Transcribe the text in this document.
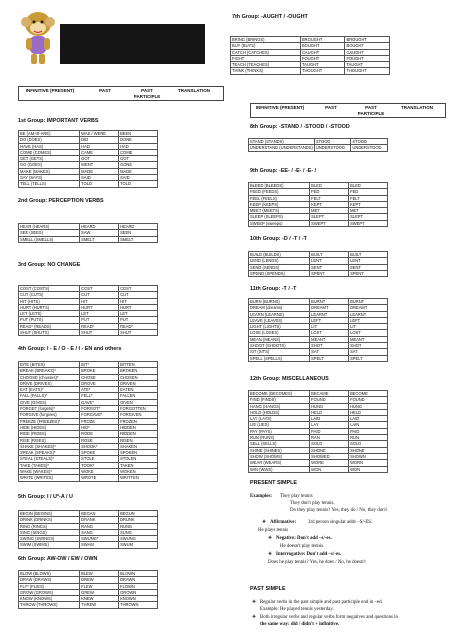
INFINITIVE (PRESENT)	PAST	PAST PARTICIPLE
TRANSLATION
1st Group: IMPORTANT VERBS
BE (AM-IS-ARE)	WAS / WERE	BEEN
DO (DOES)	DID	DONE
HAVE (HAS)	HAD	HAD
COME (COMES)	CAME	COME
GET (GETS)	GOT	GOT
GO (GOES)	WENT	GONE
MAKE (MAKES)	MADE	MADE
SAY (SAYS)	SAID	SAID
TELL (TELLS)	TOLD	TOLD
2nd Group: PERCEPTION VERBS
HEAR (HEARS)	HEARD	HEARD
SEE (SEES)	SAW	SEEN
SMELL (SMELLS)	SMELT	SMELT
3rd Group: NO CHANGE
COST (COSTS)	COST	COST
CUT (CUTS)	CUT	CUT
HIT (HITS)	HIT	HIT
HURT (HURTS)	HURT	HURT
LET (LETS)	LET	LET
PUT (PUTS)	PUT	PUT
READ* (READS)	READ*	READ*
SHUT (SHUTS)	SHUT	SHUT
4th Group: I - E / O - E / I - EN and others
BITE (BITES)	BIT*	BITTEN
BREAK (BREAKS)*	BROKE	BROKEN
CHOOSE (chooses)*	CHOSE	CHOSEN
DRIVE (DRIVES)	DROVE	DRIVEN
EAT (EATS)*	ATE*	EATEN
FALL (FALLS)*	FELL*	FALLEN
GIVE (GIVES)	GAVE*	GIVEN
FORGET (forgets)*	FORGOT*	FORGOTTEN
FORGIVE (forgives)	FORGAVE*	FORGIVEN
FREEZE (FREEZES)*	FROZE	FROZEN
HIDE (HIDES)	HID*	HIDDEN
RIDE (RIDES)	RODE	RIDDEN
RISE (RISES)	ROSE	RISEN
SHAKE (SHAKES)*	SHOOK*	SHAKEN
SPEAK (SPEAKS)*	SPOKE	SPOKEN
STEAL (STEALS)*	STOLE	STOLEN
TAKE (TAKES)*	TOOK*	TAKEN
WAKE (WAKES)*	WOKE	WOKEN
WRITE (WRITES)	WROTE	WRITTEN
5th Group: I / U*-A / U
BEGIN (BEGINS)	BEGAN	BEGUN
DRINK (DRINKS)	DRANK	DRUNK
RING (RINGS)	RANG	RUNG
SING (SINGS)	SANG	SUNG
SWING (SWINGS)	SWUNG*	SWUNG
SWIM (SWIMS)	SWAM	SWUM
6th Group: AW-OW / EW / OWN
BLOW (BLOWS)	BLEW	BLOWN
DRAW (DRAWS)	DREW	DRAWN
FLY* (FLIES)	FLEW	FLOWN
GROW (GROWS)	GREW	GROWN
KNOW (KNOWS)	KNEW	KNOWN
THROW (THROWS)	THREW	THROWN
7th Group: -AUGHT / -OUGHT
BRING (BRINGS)	BROUGHT	BROUGHT
BUY (BUYS)	BOUGHT	BOUGHT
CATCH (CATCHES)	CAUGHT	CAUGHT
FIGHT	FOUGHT	FOUGHT
TEACH (TEACHES)	TAUGHT	TAUGHT
THINK (THINKS)	THOUGHT	THOUGHT
INFINITIVE (PRESENT)	PAST	PAST PARTICIPLE
TRANSLATION
8th Group: -STAND / -STOOD / -STOOD
STAND (STANDS)	STOOD	STOOD
UNDERSTAND (UNDERSTANDS)	UNDERSTOOD	UNDERSTOOD
9th Group: -EE- / -E- / -E- /
BLEED (BLEEDS)	BLED	BLED
FEED (FEEDS)	FED	FED
FEEL (FEELS)	FELT	FELT
KEEP (KEEPS)	KEPT	KEPT
MEET (MEETS)	MET	MET
SLEEP (SLEEPS)	SLEPT	SLEPT
SWEEP (sweeps)	SWEPT	SWEPT
10th Group: -D / -T / -T
BUILD (BUILDS)	BUILT	BUILT
LEND (LENDS)	LENT	LENT
SEND (SENDS)	SENT	SENT
SPEND (SPENDS)	SPENT	SPENT
11th Group: -T / -T
BURN (BURNS)	BURNT	BURNT
DREAM (dreams)	DREAMT	DREAMT
LEARN (LEARNS)	LEARNT	LEARNT
LEAVE (LEAVES)	LEFT	LEFT
LIGHT (LIGHTS)	LIT	LIT
LOSE (LOSES)	LOST	LOST
MEAN (MEANS)	MEANT	MEANT
SHOOT (SHOOTS)	SHOT	SHOT
SIT (SITS)	SAT	SAT
SPELL (SPELLS)	SPELT	SPELT
12th Group: MISCELLANEOUS
BECOME (BECOMES)	BECAME	BECOME
FIND (FINDS)	FOUND	FOUND
HANG (HANGS)	HUNG	HUNG
HOLD (HOLDS)	HELD	HELD
LAY (LAYS)	LAID	LAID
LIE (LIES)	LAY	LAIN
PAY (PAYS)	PAID	PAID
RUN (RUNS)	RAN	RUN
SELL (SELLS)	SOLD	SOLD
SHINE (SHINES)	SHONE	SHONE
SHOW (SHOWS)	SHOWED	SHOWN
WEAR (WEARS)	WORE	WORN
WIN (WINS)	WON	WON
PRESENT SIMPLE
Examples: They play tennis
They don't play tennis.
Do they play tennis? Yes, they do / No, they don't
❖ Affirmative: 3rd person singular adds –S/-ES.
He plays tennis
❖ Negative: Don't add –s/-es.
He doesn't play tennis.
❖ Interrogative: Don't add –s/-es.
Does he play tennis? Yes, he does / No, he doesn't
PAST SIMPLE
❖ Regular verbs in the past simple and past participle end in –ed.
Example: He played tennis yesterday.
❖ Both irregular verbs and regular verbs form negatives and questions in
the same way: did / didn't + infinitive.
